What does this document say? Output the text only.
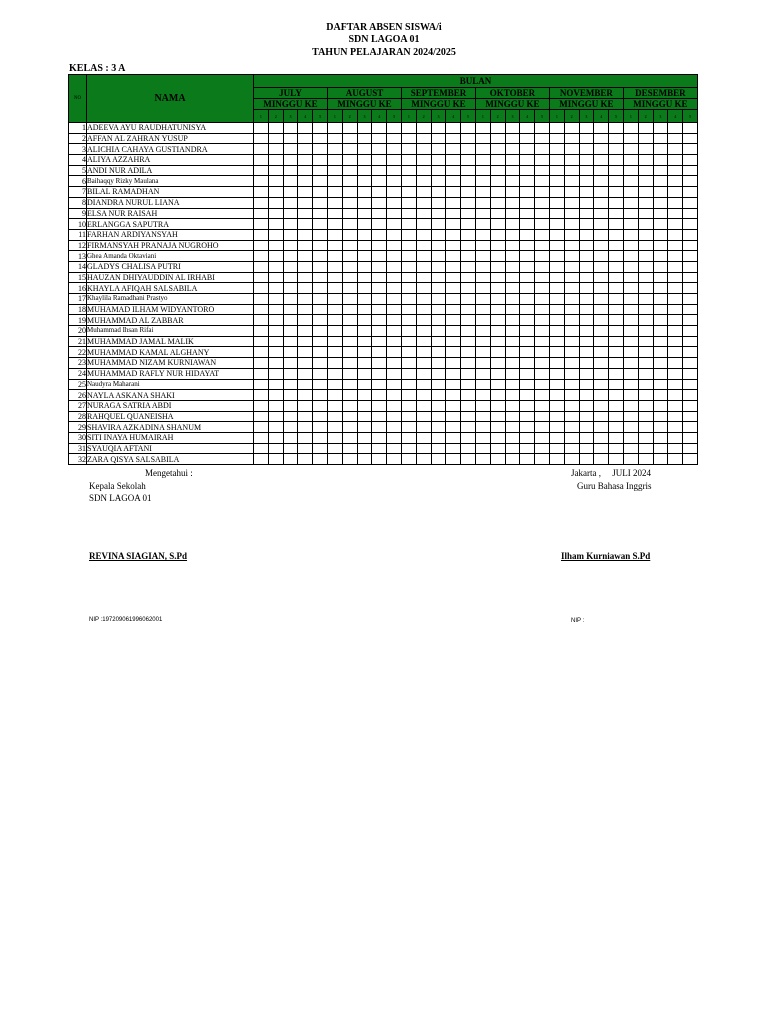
DAFTAR ABSEN SISWA/i
SDN LAGOA 01
TAHUN PELAJARAN 2024/2025
KELAS : 3 A
NO	NAMA	BULAN																													
		JULY					AUGUST					SEPTEMBER					OKTOBER					NOVEMBER					DESEMBER				
		MINGGU KE					MINGGU KE					MINGGU KE					MINGGU KE					MINGGU KE					MINGGU KE				
		1	2	3	4	5	1	2	3	4	5	1	2	3	4	5	1	2	3	4	5	1	2	3	4	5	1	2	3	4	5
1	ADEEVA AYU RAUDHATUNISYA																														
2	AFFAN AL ZAHRAN YUSUP																														
3	ALICHIA CAHAYA GUSTIANDRA																														
4	ALIYA AZZAHRA																														
5	ANDI NUR ADILA																														
6	Baihaqqy Rizky Maulana																														
7	BILAL RAMADHAN																														
8	DIANDRA NURUL LIANA																														
9	ELSA NUR RAISAH																														
10	ERLANGGA SAPUTRA																														
11	FARHAN ARDIYANSYAH																														
12	FIRMANSYAH PRANAJA NUGROHO																														
13	Ghea Amanda Oktaviani																														
14	GLADYS CHALISA PUTRI																														
15	HAUZAN DHIYAUDDIN AL IRHABI																														
16	KHAYLA AFIQAH SALSABILA																														
17	Khaylila Ramadhani Prastyo																														
18	MUHAMAD ILHAM WIDYANTORO																														
19	MUHAMMAD AL ZABBAR																														
20	Muhammad Ihsan Rifai																														
21	MUHAMMAD JAMAL MALIK																														
22	MUHAMMAD KAMAL ALGHANY																														
23	MUHAMMAD NIZAM KURNIAWAN																														
24	MUHAMMAD RAFLY NUR HIDAYAT																														
25	Naudyra Maharani																														
26	NAYLA ASKANA SHAKI																														
27	NURAGA SATRIA ABDI																														
28	RAHQUEL QUANEISHA																														
29	SHAVIRA AZKADINA SHANUM																														
30	SITI INAYA HUMAIRAH																														
31	SYAUQIA AFTANI																														
32	ZARA QISYA SALSABILA																														
Mengetahui :
Kepala Sekolah
SDN LAGOA 01
REVINA SIAGIAN, S.Pd
NIP :197209061996062001
Jakarta ,     JULI 2024
Guru Bahasa Inggris
Ilham Kurniawan S.Pd
NIP :
